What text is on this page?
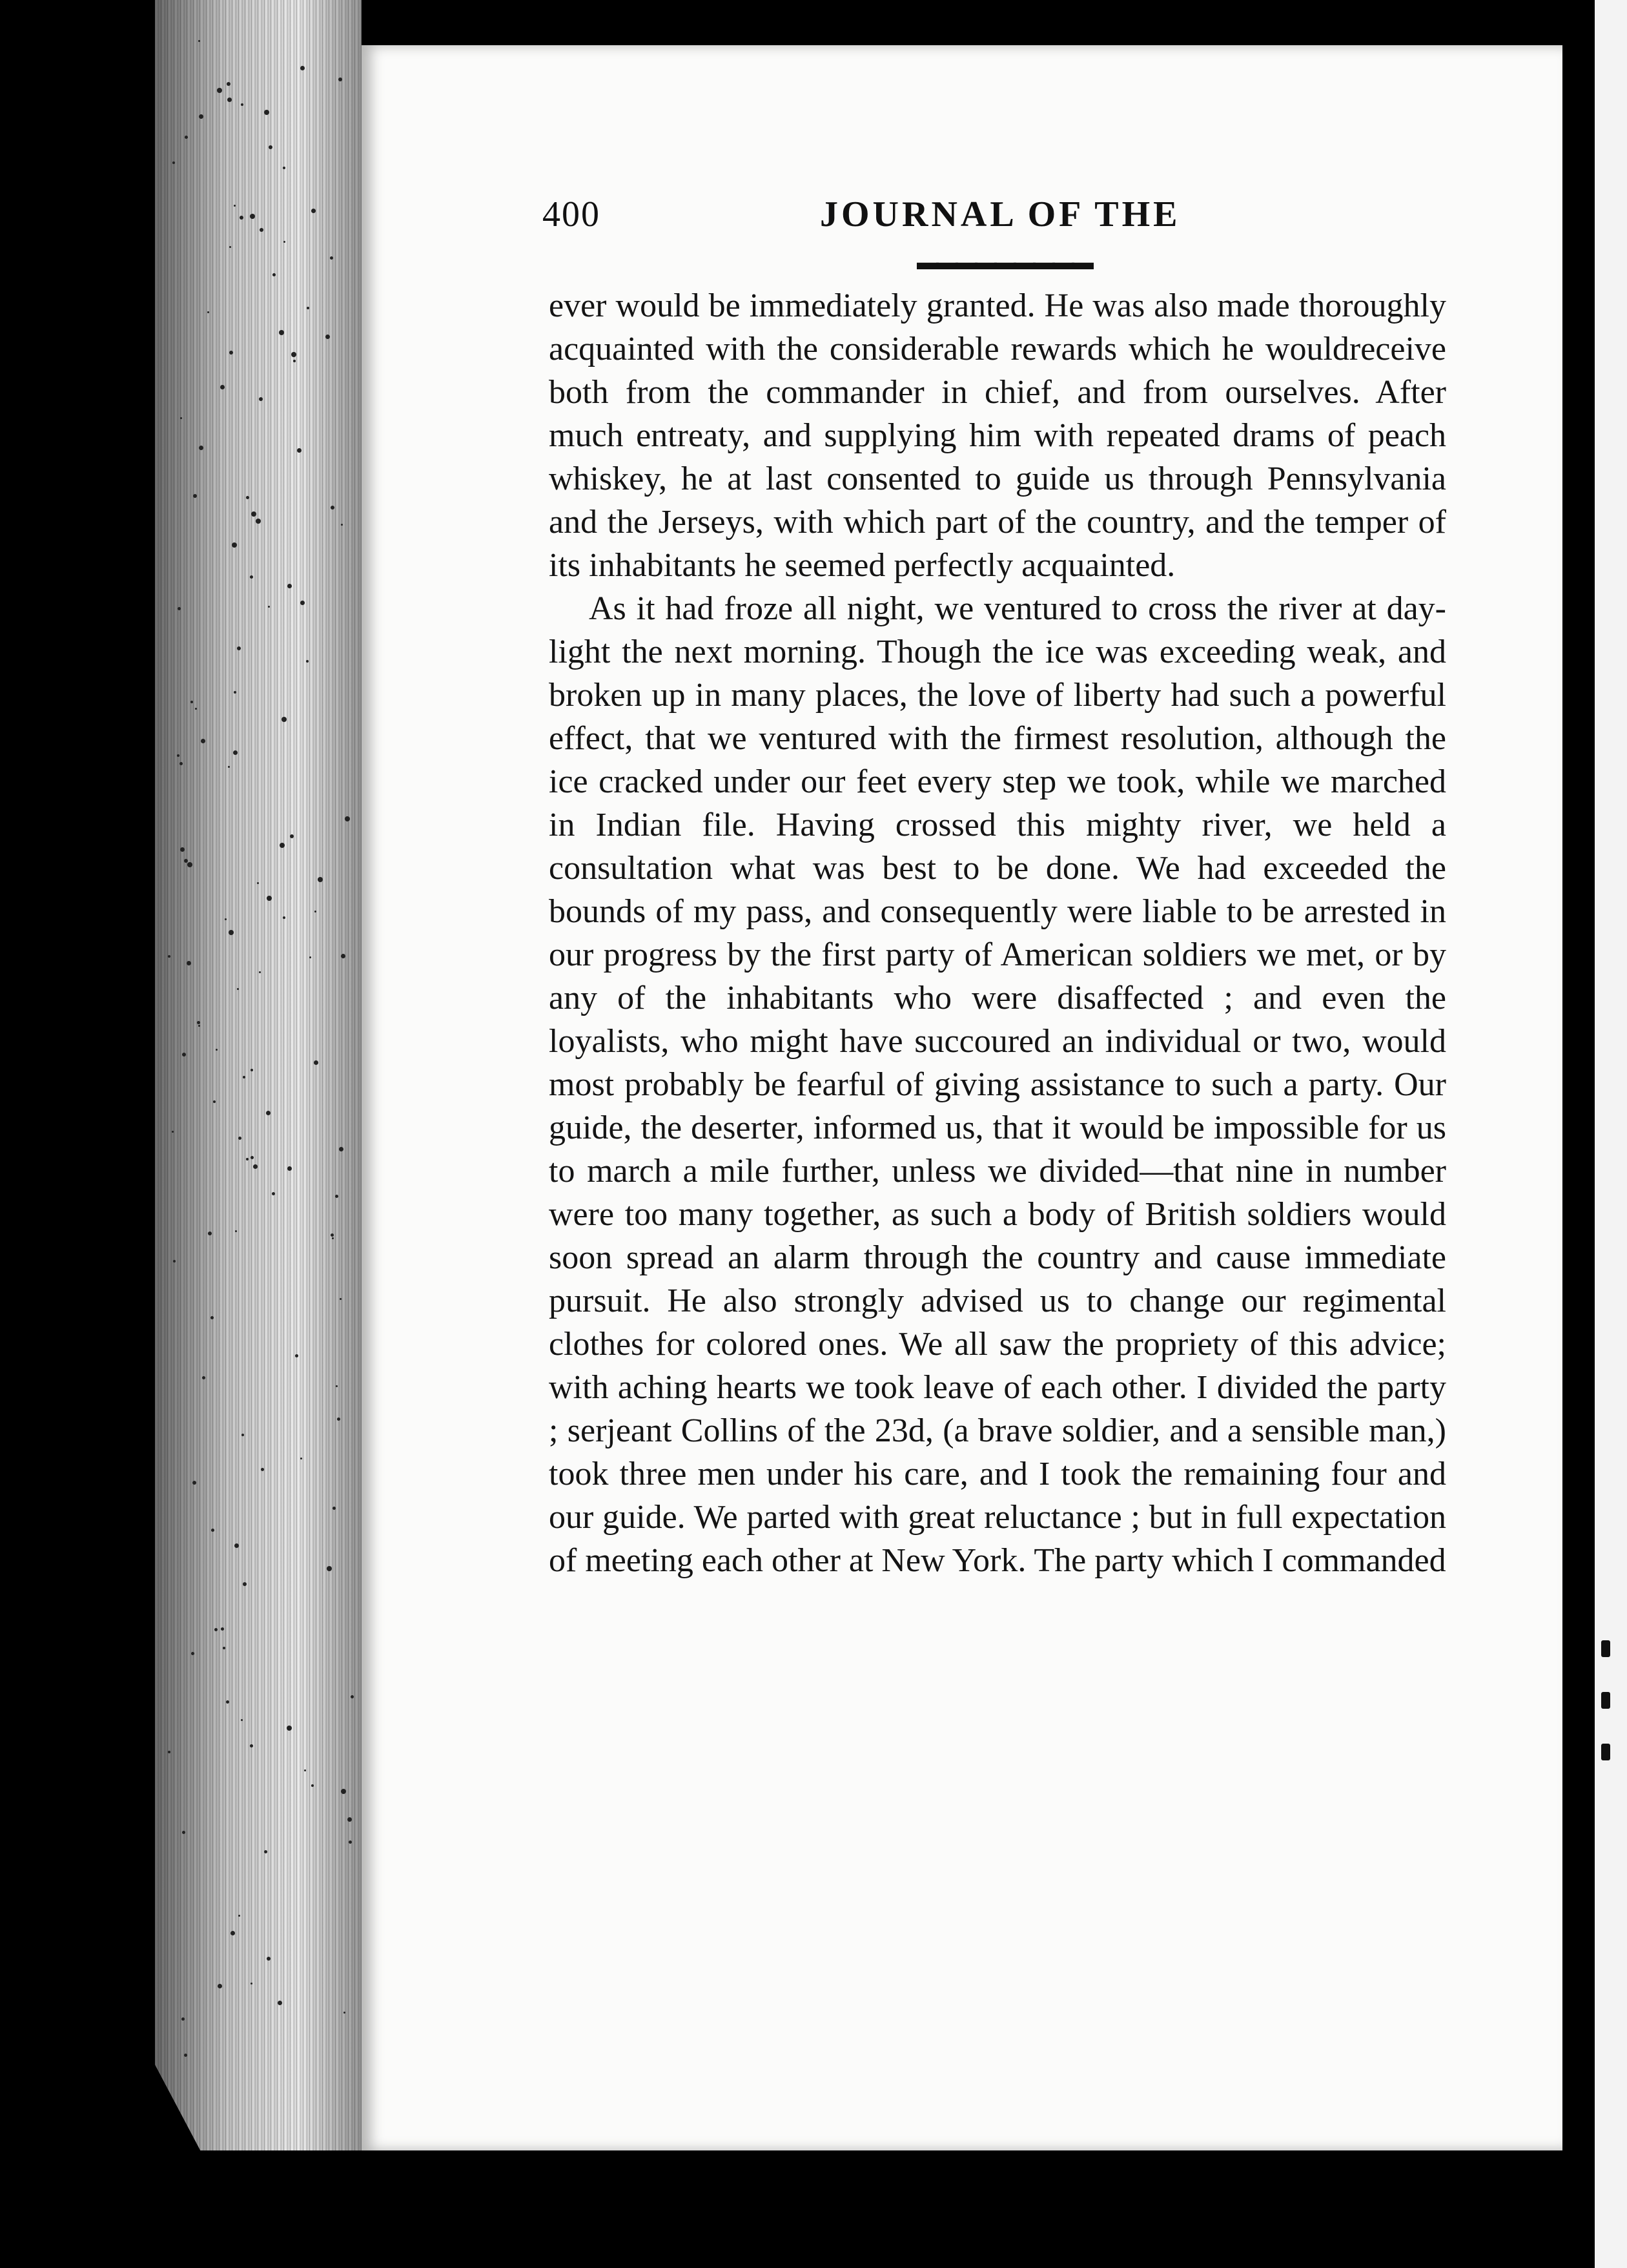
400	JOURNAL OF THE
▬▬▬▬▬▬▬▬▬

ever would be immediately granted. He was also made thoroughly acquainted with the considerable rewards which he wouldreceive both from the commander in chief, and from ourselves. After much entreaty, and supplying him with repeated drams of peach whiskey, he at last consented to guide us through Pennsylvania and the Jerseys, with which part of the country, and the temper of its inhabitants he seemed perfectly acquainted.

As it had froze all night, we ventured to cross the river at day-light the next morning. Though the ice was exceeding weak, and broken up in many places, the love of liberty had such a powerful effect, that we ventured with the firmest resolution, although the ice cracked under our feet every step we took, while we marched in Indian file. Having crossed this mighty river, we held a consultation what was best to be done. We had exceeded the bounds of my pass, and consequently were liable to be arrested in our progress by the first party of American soldiers we met, or by any of the inhabitants who were disaffected ; and even the loyalists, who might have succoured an individual or two, would most probably be fearful of giving assistance to such a party. Our guide, the deserter, informed us, that it would be impossible for us to march a mile further, unless we divided—that nine in number were too many together, as such a body of British soldiers would soon spread an alarm through the country and cause immediate pursuit. He also strongly advised us to change our regimental clothes for colored ones. We all saw the propriety of this advice; with aching hearts we took leave of each other. I divided the party ; serjeant Collins of the 23d, (a brave soldier, and a sensible man,) took three men under his care, and I took the remaining four and our guide. We parted with great reluctance ; but in full expectation of meeting each other at New York. The party which I commanded
